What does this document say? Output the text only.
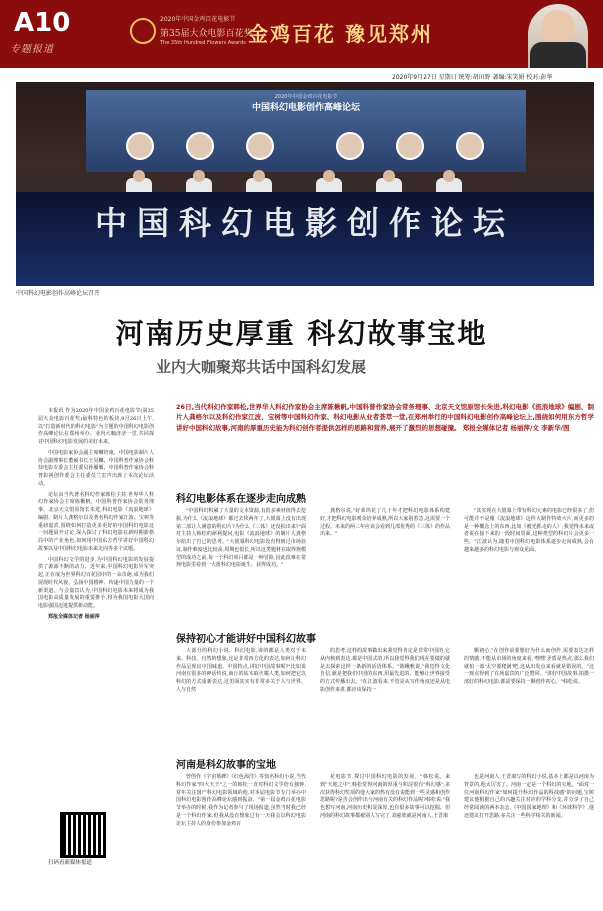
A10
专题报道
2020年中国金鸡百花电影节
第35届大众电影百花奖
The 35th Hundred Flowers Awards 金鸡百花 豫见郑州
2020年9月27日 星期日 统筹:胡田野 著编:宋笑娟 校对:彭华
2020年中国金鸡百花电影节
中国科幻电影创作高峰论坛
中国科幻电影创作论坛
中国科幻电影创作高峰论坛召开
河南历史厚重 科幻故事宝地
业内大咖聚郑共话中国科幻发展
26日,当代科幻作家韩松,世界华人科幻作家协会主席陈楸帆,中国科普作家协会常务理事、北京天文馆原馆长朱进,科幻电影《流浪地球》编剧、制片人龚格尔以及科幻作家江波、宝树等中国科幻作家、科幻电影从业者荟萃一堂,在郑州举行的中国科幻电影创作高峰论坛上,围绕如何用东方哲学讲好中国科幻故事,河南的厚重历史能为科幻创作者提供怎样的思路和营养,展开了激烈的思想碰撞。 郑报全媒体记者 杨丽萍/文 李新华/图

本报讯 作为2020年中国金鸡百花电影节(第35届大众电影百花奖)最科特色的板块,9月26日上午,以"打造新时代的科幻电影"为主题的中国科幻电影创作高峰论坛在郑州举办。业内大咖济济一堂,共同探讨中国科幻电影发展的美好未来。

中国电影家协会副主席喇培康、中国电影制片人协会副理事长董硕书长王昊麟、中国科普作家协会科技电影专委会主任委员孙雁雁、中国科普作家协会科普影视创作委会主任委员兰宏声出席了本次论坛活动。

论坛由当代著名科幻作家韩松主持,世界华人科幻作家协会主席陈楸帆、中国科普作家协会常务理事、北京天文馆原馆长朱进,科幻电影《流浪地球》编剧、制片人龚格尔以及著名科幻作家江波、宝树等重磅嘉宾,围绕如何打造更多更好的中国科幻电影这一问题展开讨论,深入探讨了科幻电影在新时期新格局中的产业角色,如何用中国东方哲学讲好中国科幻故事以及中国科幻电影未来走向等多个议题。

中国科幻文学的进步,为中国科幻电影的发展提供了源源不断的动力。近年来,中国科幻电影异军突起,正在成为世界科幻百花园中的一朵奇葩,成为我们展现时代风貌、弘扬中国精神、传递中国力量的一个新渠道。与会嘉宾认为,中国科幻电影未来将成为我国电影高质量发展的重要推手,将为我国电影大国向电影强国迈进提供新动能。

郑报全媒体记者 杨丽萍

扫码看新媒体报道
科幻电影体系在逐步走向成熟

"中国科幻积累了大量的文本资源,有很多素材值得去挖掘,为什么《流浪地球》都过去快两年了,大银幕上没有出现第二部让人满意的科幻片?为什么《三体》还没拍出来?"面对主持人韩松的犀利提问,电影《流浪地球》的制片人龚格尔给出了自己的思考。"大银幕科幻电影没有得到过市场验证,制作难度也比较高,周期也很长,所以这类题材在取得规模型的成功之前,每一个科幻项目都是一种冒险,因此很难在常规电影里看到一大批科幻电影诞生、获得成功。"

龚格尔说,"好莱坞花了几十年才把科幻电影体系构建好,才把科幻电影观众培养成熟,所以大家别着急,这需要一个过程。未来的两三年应该会看到几部优秀的《三体》的作品出来。"

"其实现在大银幕上带有科幻元素的电影已经很多了,但可能并不是像《流浪地球》这样大制作特效大片,而更多的是一种概念上的东西,比如《被光抓走的人》,我觉得未来或者说在接下来的一段时间里面,这种类型的科幻片会更多一些。"江波认为,随着中国科幻电影体系逐步走向成熟,会有越来越多的科幻电影与观众见面。

保持初心才能讲好中国科幻故事

大部分的科幻小说、科幻电影,讲的都是人类对于未来、科技、自然的想象,这是非常西方化的表达,如何让科幻作品呈现出中国味道、中国特点,讲好中国故事呢?"比如说河南有很多的神话传说,商丘的钻木取火耀人类,如何把它以科幻的方式重新表达,这里面其实有非常多关于人与世界、人与自然

的思考,这样的故事做出来我觉得肯定是非常中国的,它从内核到表达,都是中国式的,所以我觉得我们现在要做的就是去探索这样一条新的话语体系。"陈楸帆说,"我觉得文化自信,就是把我们中国的东西,用最先进的、能够让世界接受的方式传播出去。"在江波看来,不管是从写作角度还是从电影创作来讲,都应该保持一

颗初心,"在创作前要想好为什么而创作,需要表达怎样的情感,不能从市场的角度来看,'嘿嘿'矛盾是热点,那么我们就拍一部'太空要爬满'吧,这从出发点来看就是错误的。"这一观点得到了在场嘉宾的广泛赞同。"讲好中国故事,拍摄一部好的科幻电影,都需要保持一颗创作初心。"韩松说。

河南是科幻故事的宝地

曾创作《宇宙墓碑》《红色海洋》等知名科幻小说,当代科幻作家"四大天王"之一的韩松一直对科幻文学倍有独钟,常年关注国产科幻电影领域的他,对本届电影节专门举办中国科幻电影创作高峰论坛感到振奋。"第一届金鸡百花电影节举办的时候,我作为记者参与了现场报道,虽然当时我已经是一个科幻作家,但我从没有想象过有一天我会以科幻电影论坛主持人的身份参加金鸡百

花电影节,探讨中国科幻电影的发展。"韩松说。来到"天地之中",韩松觉得河南的厚重与积淀很有"科幻感",多次获得科幻奖项的他大家的热有没有说能到一些灵感和创作思路呢?是否会创作出与河南有关的科幻作品呢?韩松说:"我也想写河南,河南历史积淀深厚,也有很多故事可以挖掘。但河南的科幻故事都被别人写完了,刘慈欣就是河南人,王晋康

也是河南人,王晋康写的科幻小说,基本上都是以河南为背景的,他太厉害了。河南一定是一个科幻的宝地。"面对一位河南科幻作家"如何提升科幻作品的科技感"的问题,宝树建议他根据自己的兴趣关注对应的学科分支,并分享了自己经常阅读的两本杂志,《中国国家地理》和《环球科学》,他还建议打开思路,多关注一些科学相关的新闻。
